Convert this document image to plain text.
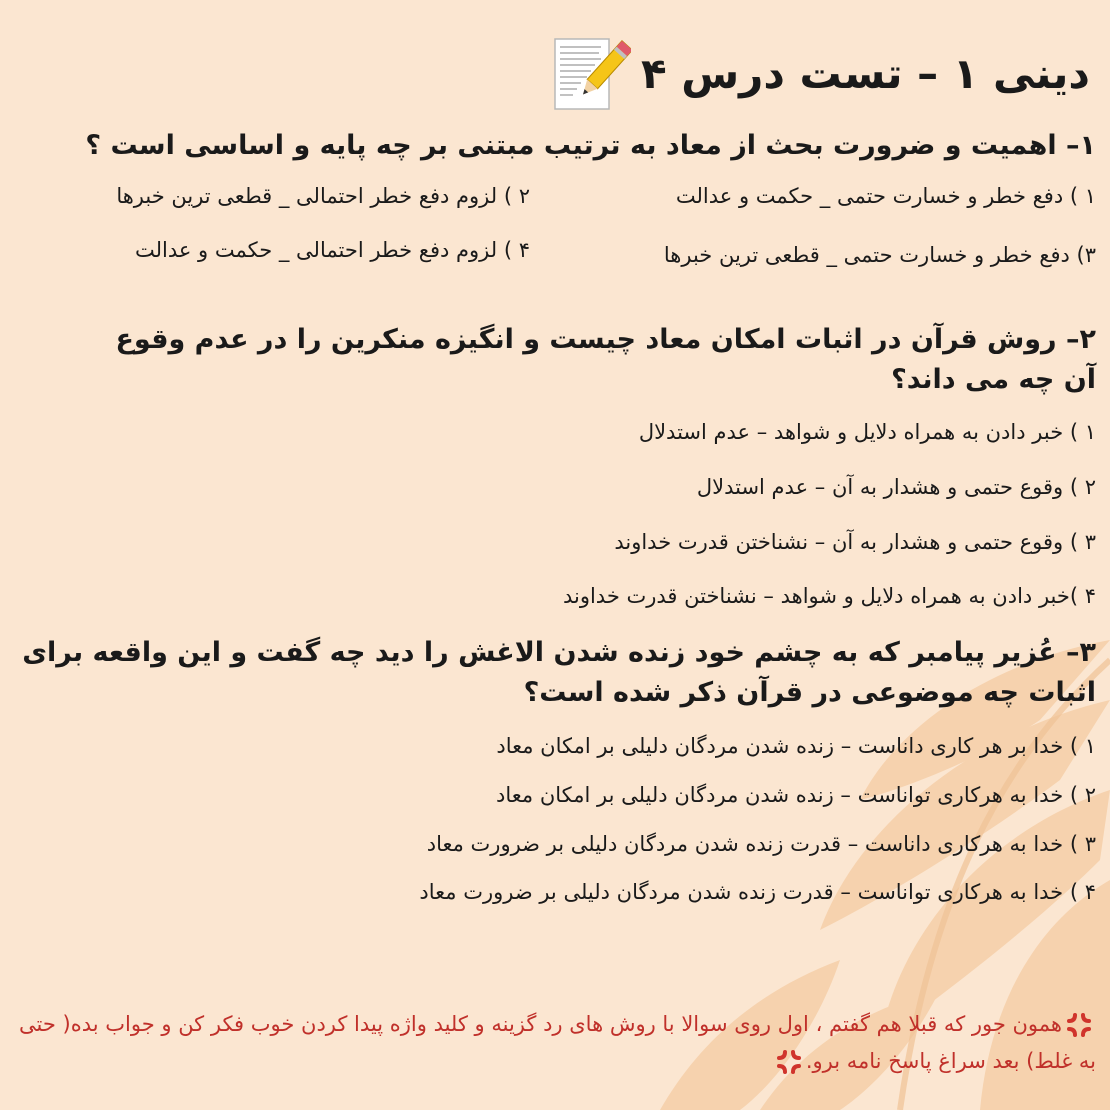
دینی ۱ – تست درس ۴
۱– اهمیت و ضرورت بحث از معاد به ترتیب مبتنی بر چه پایه و اساسی است ؟
۱ ) دفع خطر و خسارت حتمی _ حکمت و عدالت
۲ ) لزوم دفع خطر احتمالی _ قطعی ترین خبرها
۳) دفع خطر و خسارت حتمی _ قطعی ترین خبرها
۴ ) لزوم دفع خطر احتمالی _ حکمت و عدالت
۲– روش قرآن در اثبات امکان معاد چیست و انگیزه منکرین را در عدم وقوع آن چه می داند؟
۱ ) خبر دادن به همراه دلایل و شواهد – عدم استدلال
۲ ) وقوع حتمی و هشدار به آن – عدم استدلال
۳ ) وقوع حتمی و هشدار به آن – نشناختن قدرت خداوند
۴ )خبر دادن به همراه دلایل و شواهد – نشناختن قدرت خداوند
۳– عُزیر پیامبر که به چشم خود زنده شدن الاغش را دید چه گفت و این واقعه برای اثبات چه موضوعی در قرآن ذکر شده است؟
۱ ) خدا بر هر کاری داناست – زنده شدن مردگان دلیلی بر امکان معاد
۲ ) خدا به هرکاری تواناست – زنده شدن مردگان دلیلی بر امکان معاد
۳ ) خدا به هرکاری داناست – قدرت زنده شدن مردگان دلیلی بر ضرورت معاد
۴ ) خدا به هرکاری تواناست – قدرت زنده شدن مردگان دلیلی بر ضرورت معاد
همون جور که قبلا هم گفتم ، اول روی سوالا با روش های رد گزینه و کلید واژه پیدا کردن خوب فکر کن و جواب بده( حتی به غلط) بعد سراغ پاسخ نامه برو.
